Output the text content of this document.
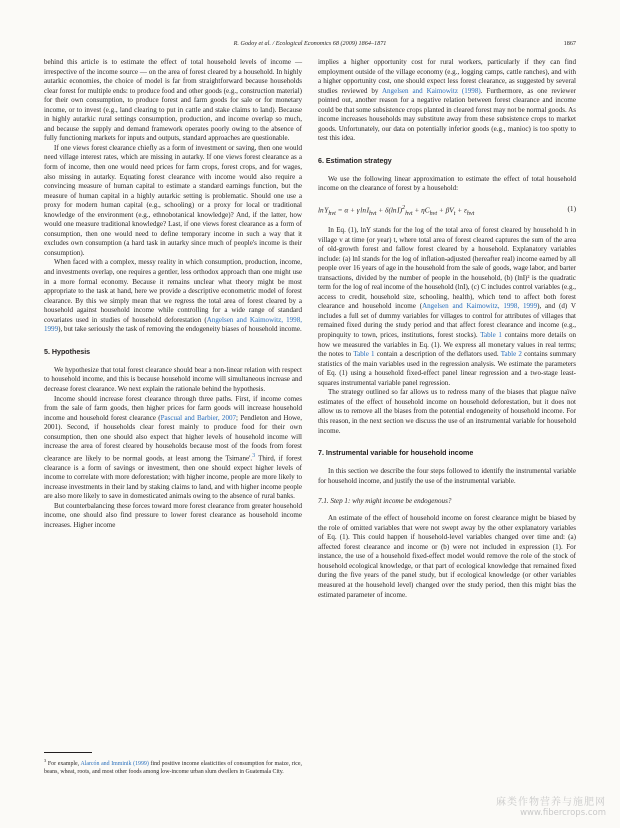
R. Godoy et al. / Ecological Economics 68 (2009) 1864–1871	1867

behind this article is to estimate the effect of total household levels of income — irrespective of the income source — on the area of forest cleared by a household. In highly autarkic economies, the choice of model is far from straightforward because households clear forest for multiple ends: to produce food and other goods (e.g., construction material) for their own consumption, to produce forest and farm goods for sale or for monetary income, or to invest (e.g., land clearing to put in cattle and stake claims to land). Because in highly autarkic rural settings consumption, production, and income overlap so much, and because the supply and demand framework operates poorly owing to the absence of fully functioning markets for inputs and outputs, standard approaches are questionable.

If one views forest clearance chiefly as a form of investment or saving, then one would need village interest rates, which are missing in autarky. If one views forest clearance as a form of income, then one would need prices for farm crops, forest crops, and for wages, also missing in autarky. Equating forest clearance with income would also require a convincing measure of human capital to estimate a standard earnings function, but the measure of human capital in a highly autarkic setting is problematic. Should one use a proxy for modern human capital (e.g., schooling) or a proxy for local or traditional knowledge of the environment (e.g., ethnobotanical knowledge)? And, if the latter, how would one measure traditional knowledge? Last, if one views forest clearance as a form of consumption, then one would need to define temporary income in such a way that it excludes own consumption (a hard task in autarky since much of people's income is their consumption).

When faced with a complex, messy reality in which consumption, production, income, and investments overlap, one requires a gentler, less orthodox approach than one might use in a more formal economy. Because it remains unclear what theory might be most appropriate to the task at hand, here we provide a descriptive econometric model of forest clearance. By this we simply mean that we regress the total area of forest cleared by a household against household income while controlling for a wide range of standard covariates used in studies of household deforestation (Angelsen and Kaimowitz, 1998, 1999), but take seriously the task of removing the endogeneity biases of household income.

5. Hypothesis

We hypothesize that total forest clearance should bear a non-linear relation with respect to household income, and this is because household income will simultaneous increase and decrease forest clearance. We next explain the rationale behind the hypothesis.

Income should increase forest clearance through three paths. First, if income comes from the sale of farm goods, then higher prices for farm goods will increase household income and household forest clearance (Pascual and Barbier, 2007; Pendleton and Howe, 2001). Second, if households clear forest mainly to produce food for their own consumption, then one should also expect that higher levels of household income will increase the area of forest cleared by households because most of the foods from forest clearance are likely to be normal goods, at least among the Tsimane'.$^3$ Third, if forest clearance is a form of savings or investment, then one should expect higher levels of income to correlate with more deforestation; with higher income, people are more likely to increase investments in their land by staking claims to land, and with higher income people are also more likely to save in domesticated animals owing to the absence of rural banks.

But counterbalancing these forces toward more forest clearance from greater household income, one should also find pressure to lower forest clearance as household income increases. Higher income

$^3$ For example, Alarcón and Imminik (1999) find positive income elasticities of consumption for maize, rice, beans, wheat, roots, and most other foods among low-income urban slum dwellers in Guatemala City.

implies a higher opportunity cost for rural workers, particularly if they can find employment outside of the village economy (e.g., logging camps, cattle ranches), and with a higher opportunity cost, one should expect less forest clearance, as suggested by several studies reviewed by Angelsen and Kaimowitz (1998). Furthermore, as one reviewer pointed out, another reason for a negative relation between forest clearance and income could be that some subsistence crops planted in cleared forest may not be normal goods. As income increases households may substitute away from these subsistence crops to market goods. Unfortunately, our data on potentially inferior goods (e.g., manioc) is too spotty to test this idea.

6. Estimation strategy

We use the following linear approximation to estimate the effect of total household income on the clearance of forest by a household:

ln $Y_{hvt} = \alpha + \gamma$ ln $I_{hvt} + \delta(\ln$ $I)^2_{hvt} + \eta C_{hvt} + \beta V_t + \varepsilon_{hvt}$
(1)

In Eq. (1), lnY stands for the log of the total area of forest cleared by household h in village v at time (or year) t, where total area of forest cleared captures the sum of the area of old-growth forest and fallow forest cleared by a household. Explanatory variables include: (a) lnI stands for the log of inflation-adjusted (hereafter real) income earned by all people over 16 years of age in the household from the sale of goods, wage labor, and barter transactions, divided by the number of people in the household, (b) (lnI)² is the quadratic term for the log of real income of the household (lnI), (c) C includes control variables (e.g., access to credit, household size, schooling, health), which tend to affect both forest clearance and household income (Angelsen and Kaimowitz, 1998, 1999), and (d) V includes a full set of dummy variables for villages to control for attributes of villages that remained fixed during the study period and that affect forest clearance and income (e.g., propinquity to town, prices, institutions, forest stocks). Table 1 contains more details on how we measured the variables in Eq. (1). We express all monetary values in real terms; the notes to Table 1 contain a description of the deflators used. Table 2 contains summary statistics of the main variables used in the regression analysis. We estimate the parameters of Eq. (1) using a household fixed-effect panel linear regression and a two-stage least-squares instrumental variable panel regression.

The strategy outlined so far allows us to redress many of the biases that plague naïve estimates of the effect of household income on household deforestation, but it does not allow us to remove all the biases from the potential endogeneity of household income. For this reason, in the next section we discuss the use of an instrumental variable for household income.

7. Instrumental variable for household income

In this section we describe the four steps followed to identify the instrumental variable for household income, and justify the use of the instrumental variable.

7.1. Step 1: why might income be endogenous?

An estimate of the effect of household income on forest clearance might be biased by the role of omitted variables that were not swept away by the other explanatory variables of Eq. (1). This could happen if household-level variables changed over time and: (a) affected forest clearance and income or (b) were not included in expression (1). For instance, the use of a household fixed-effect model would remove the role of the stock of household ecological knowledge, or that part of ecological knowledge that remained fixed during the five years of the panel study, but if ecological knowledge (or other variables measured at the household level) changed over the study period, then this might bias the estimated parameter of income.

麻类作物营养与施肥网
www.fibercrops.com
